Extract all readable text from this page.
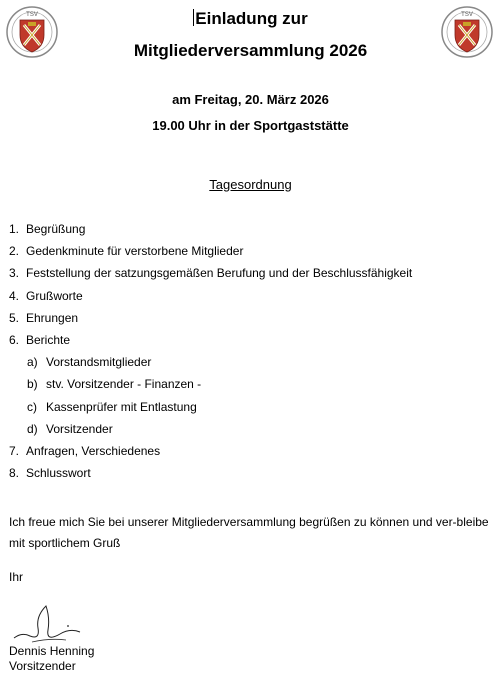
TSV	TSV
Einladung zur
Mitgliederversammlung 2026
am Freitag, 20. März 2026
19.00 Uhr in der Sportgaststätte
Tagesordnung
1. Begrüßung
2. Gedenkminute für verstorbene Mitglieder
3. Feststellung der satzungsgemäßen Berufung und der Beschlussfähigkeit
4. Grußworte
5. Ehrungen
6. Berichte
a) Vorstandsmitglieder
b) stv. Vorsitzender - Finanzen -
c) Kassenprüfer mit Entlastung
d) Vorsitzender
7. Anfragen, Verschiedenes
8. Schlusswort
Ich freue mich Sie bei unserer Mitgliederversammlung begrüßen zu können und ver-bleibe mit sportlichem Gruß
Ihr
Dennis Henning
Vorsitzender
